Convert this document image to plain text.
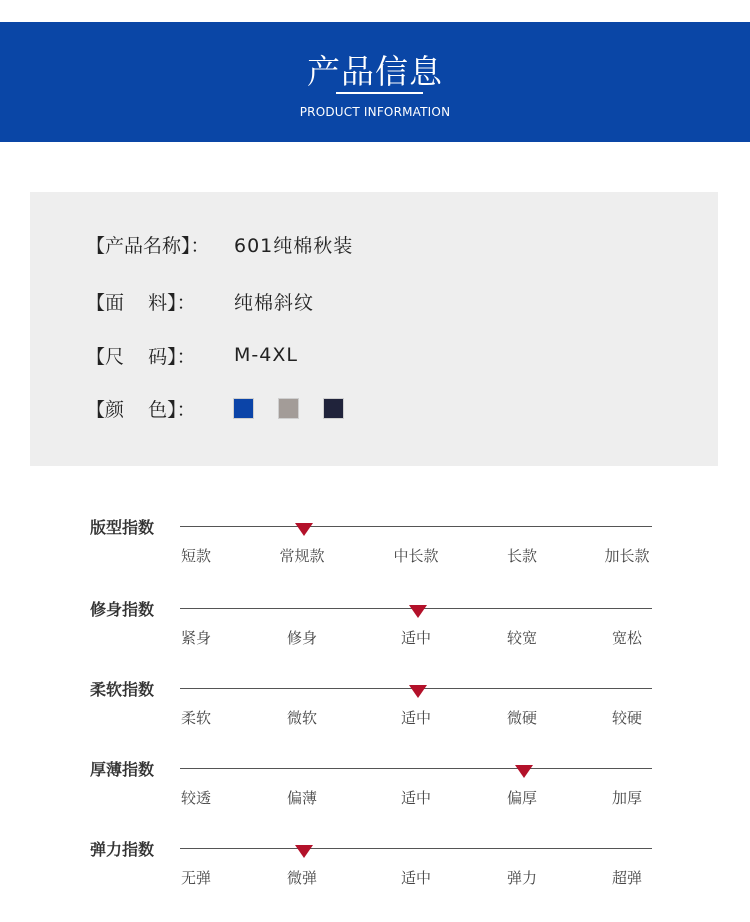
产品信息
PRODUCT INFORMATION
【产品名称】：	601纯棉秋装
【面    料】：	纯棉斜纹
【尺    码】：	M-4XL
【颜    色】：
版型指数
短款	常规款	中长款	长款	加长款
修身指数
紧身	修身	适中	较宽	宽松
柔软指数
柔软	微软	适中	微硬	较硬
厚薄指数
较透	偏薄	适中	偏厚	加厚
弹力指数
无弹	微弹	适中	弹力	超弹
